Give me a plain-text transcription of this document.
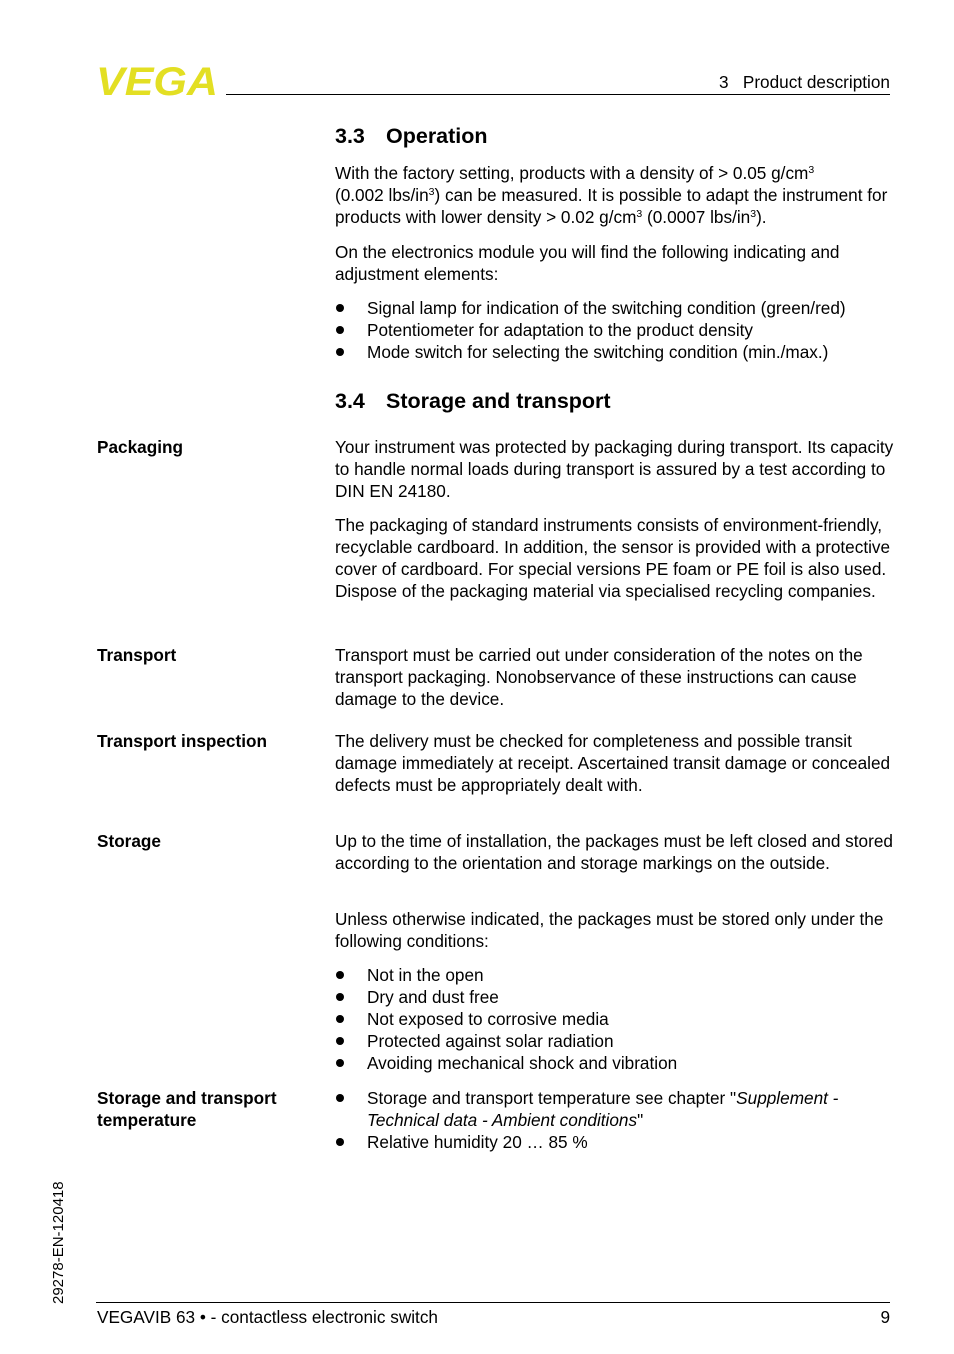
VEGA	3   Product description
3.3 Operation

With the factory setting, products with a density of > 0.05 $g/cm^3$
(0.002 lbs/$in^3$) can be measured. It is possible to adapt the instrument for products with lower density > 0.02 $g/cm^3$ (0.0007 lbs/$in^3$).

On the electronics module you will find the following indicating and adjustment elements:

Signal lamp for indication of the switching condition (green/red)
Potentiometer for adaptation to the product density
Mode switch for selecting the switching condition (min./max.)
3.4 Storage and transport
Packaging	Your instrument was protected by packaging during transport. Its capacity to handle normal loads during transport is assured by a test according to DIN EN 24180.

The packaging of standard instruments consists of environment-friendly, recyclable cardboard. In addition, the sensor is provided with a protective cover of cardboard. For special versions PE foam or PE foil is also used. Dispose of the packaging material via specialised recycling companies.

Transport	Transport must be carried out under consideration of the notes on the transport packaging. Nonobservance of these instructions can cause damage to the device.

Transport inspection	The delivery must be checked for completeness and possible transit damage immediately at receipt. Ascertained transit damage or concealed defects must be appropriately dealt with.

Storage	Up to the time of installation, the packages must be left closed and stored according to the orientation and storage markings on the outside.

Unless otherwise indicated, the packages must be stored only under the following conditions:

Not in the open
Dry and dust free
Not exposed to corrosive media
Protected against solar radiation
Avoiding mechanical shock and vibration
Storage and transport temperature
Storage and transport temperature see chapter "Supplement - Technical data - Ambient conditions"
Relative humidity 20 … 85 %
29278-EN-120418
VEGAVIB 63 • - contactless electronic switch	9
